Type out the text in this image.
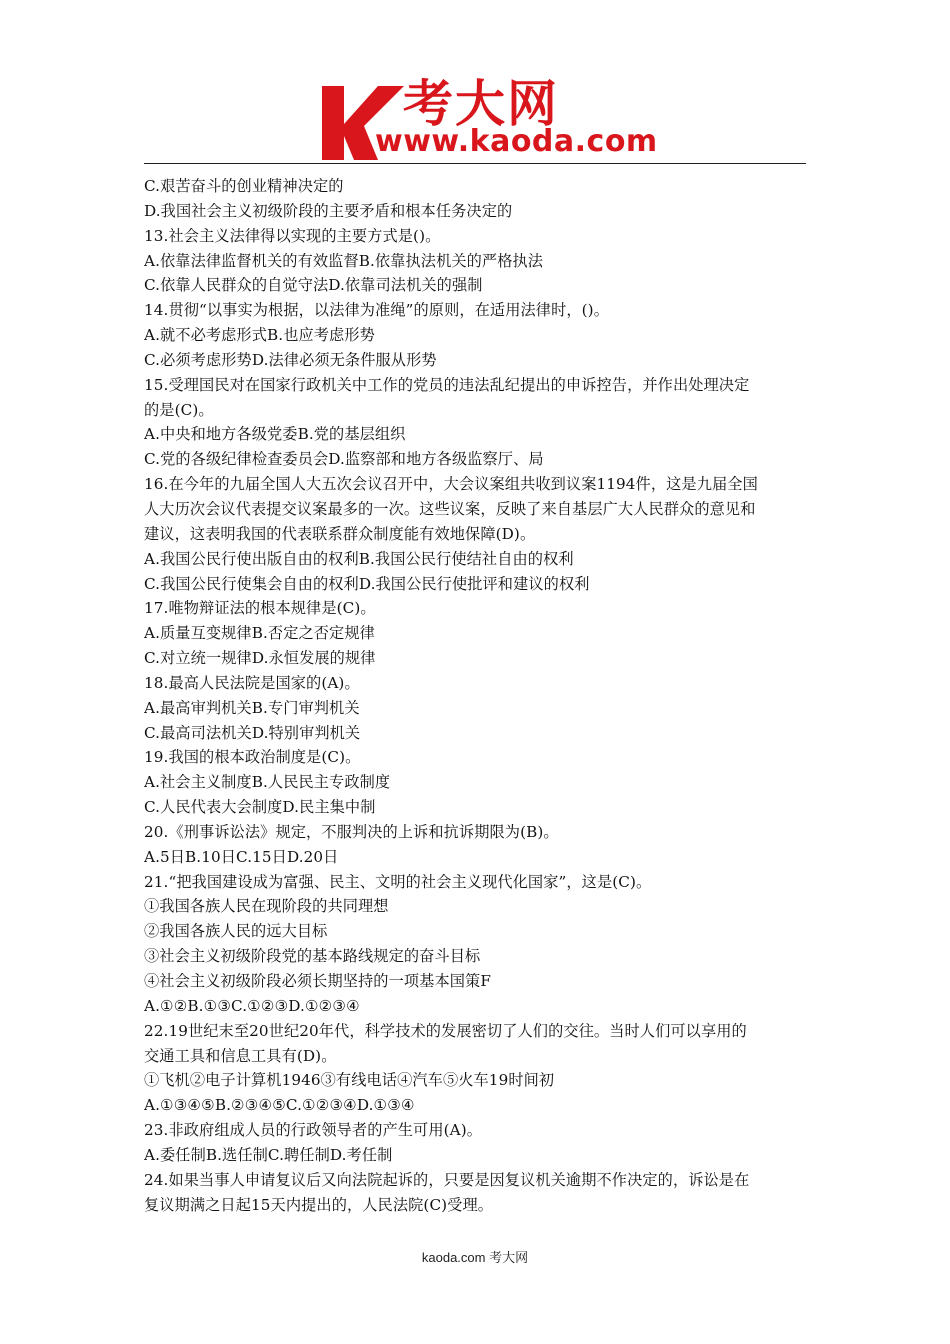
考大网
www.kaoda.com
C.艰苦奋斗的创业精神决定的
D.我国社会主义初级阶段的主要矛盾和根本任务决定的
13.社会主义法律得以实现的主要方式是()。
A.依靠法律监督机关的有效监督B.依靠执法机关的严格执法
C.依靠人民群众的自觉守法D.依靠司法机关的强制
14.贯彻“以事实为根据，以法律为准绳”的原则，在适用法律时，()。
A.就不必考虑形式B.也应考虑形势
C.必须考虑形势D.法律必须无条件服从形势
15.受理国民对在国家行政机关中工作的党员的违法乱纪提出的申诉控告，并作出处理决定
的是(C)。
A.中央和地方各级党委B.党的基层组织
C.党的各级纪律检查委员会D.监察部和地方各级监察厅、局
16.在今年的九届全国人大五次会议召开中，大会议案组共收到议案1194件，这是九届全国
人大历次会议代表提交议案最多的一次。这些议案，反映了来自基层广大人民群众的意见和
建议，这表明我国的代表联系群众制度能有效地保障(D)。
A.我国公民行使出版自由的权利B.我国公民行使结社自由的权利
C.我国公民行使集会自由的权利D.我国公民行使批评和建议的权利
17.唯物辩证法的根本规律是(C)。
A.质量互变规律B.否定之否定规律
C.对立统一规律D.永恒发展的规律
18.最高人民法院是国家的(A)。
A.最高审判机关B.专门审判机关
C.最高司法机关D.特别审判机关
19.我国的根本政治制度是(C)。
A.社会主义制度B.人民民主专政制度
C.人民代表大会制度D.民主集中制
20.《刑事诉讼法》规定，不服判决的上诉和抗诉期限为(B)。
A.5日B.10日C.15日D.20日
21.“把我国建设成为富强、民主、文明的社会主义现代化国家”，这是(C)。
①我国各族人民在现阶段的共同理想
②我国各族人民的远大目标
③社会主义初级阶段党的基本路线规定的奋斗目标
④社会主义初级阶段必须长期坚持的一项基本国策F
A.①②B.①③C.①②③D.①②③④
22.19世纪末至20世纪20年代，科学技术的发展密切了人们的交往。当时人们可以享用的
交通工具和信息工具有(D)。
①飞机②电子计算机1946③有线电话④汽车⑤火车19时间初
A.①③④⑤B.②③④⑤C.①②③④D.①③④
23.非政府组成人员的行政领导者的产生可用(A)。
A.委任制B.选任制C.聘任制D.考任制
24.如果当事人申请复议后又向法院起诉的，只要是因复议机关逾期不作决定的，诉讼是在
复议期满之日起15天内提出的，人民法院(C)受理。
kaoda.com 考大网
